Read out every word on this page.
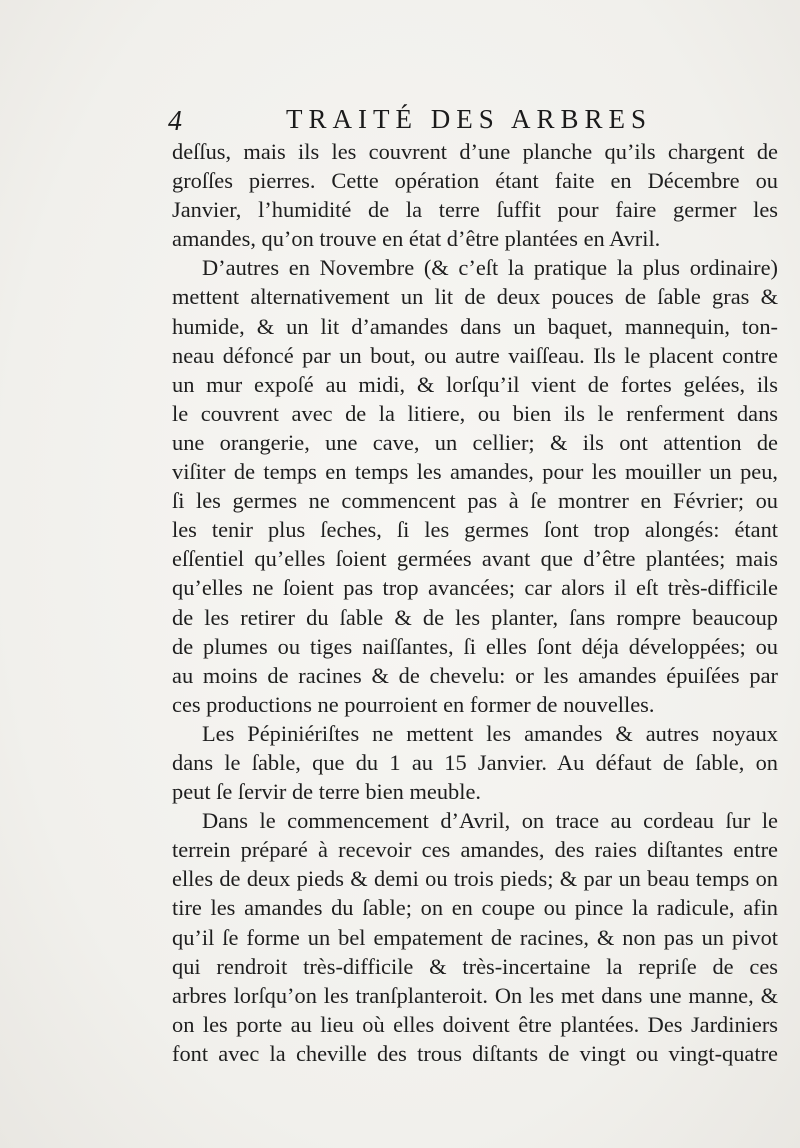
4	TRAITÉ DES ARBRES
deſſus, mais ils les couvrent d’une planche qu’ils chargent de
groſſes pierres. Cette opération étant faite en Décembre ou
Janvier, l’humidité de la terre ſuffit pour faire germer les
amandes, qu’on trouve en état d’être plantées en Avril.
D’autres en Novembre (& c’eſt la pratique la plus ordinaire)
mettent alternativement un lit de deux pouces de ſable gras &
humide, & un lit d’amandes dans un baquet, mannequin, ton-
neau défoncé par un bout, ou autre vaiſſeau. Ils le placent contre
un mur expoſé au midi, & lorſqu’il vient de fortes gelées, ils
le couvrent avec de la litiere, ou bien ils le renferment dans
une orangerie, une cave, un cellier; & ils ont attention de
viſiter de temps en temps les amandes, pour les mouiller un peu,
ſi les germes ne commencent pas à ſe montrer en Février; ou
les tenir plus ſeches, ſi les germes ſont trop alongés: étant
eſſentiel qu’elles ſoient germées avant que d’être plantées; mais
qu’elles ne ſoient pas trop avancées; car alors il eſt très-difficile
de les retirer du ſable & de les planter, ſans rompre beaucoup
de plumes ou tiges naiſſantes, ſi elles ſont déja développées; ou
au moins de racines & de chevelu: or les amandes épuiſées par
ces productions ne pourroient en former de nouvelles.
Les Pépiniériſtes ne mettent les amandes & autres noyaux
dans le ſable, que du 1 au 15 Janvier. Au défaut de ſable, on
peut ſe ſervir de terre bien meuble.
Dans le commencement d’Avril, on trace au cordeau ſur le
terrein préparé à recevoir ces amandes, des raies diſtantes entre
elles de deux pieds & demi ou trois pieds; & par un beau temps on
tire les amandes du ſable; on en coupe ou pince la radicule, afin
qu’il ſe forme un bel empatement de racines, & non pas un pivot
qui rendroit très-difficile & très-incertaine la repriſe de ces
arbres lorſqu’on les tranſplanteroit. On les met dans une manne, &
on les porte au lieu où elles doivent être plantées. Des Jardiniers
font avec la cheville des trous diſtants de vingt ou vingt-quatre
